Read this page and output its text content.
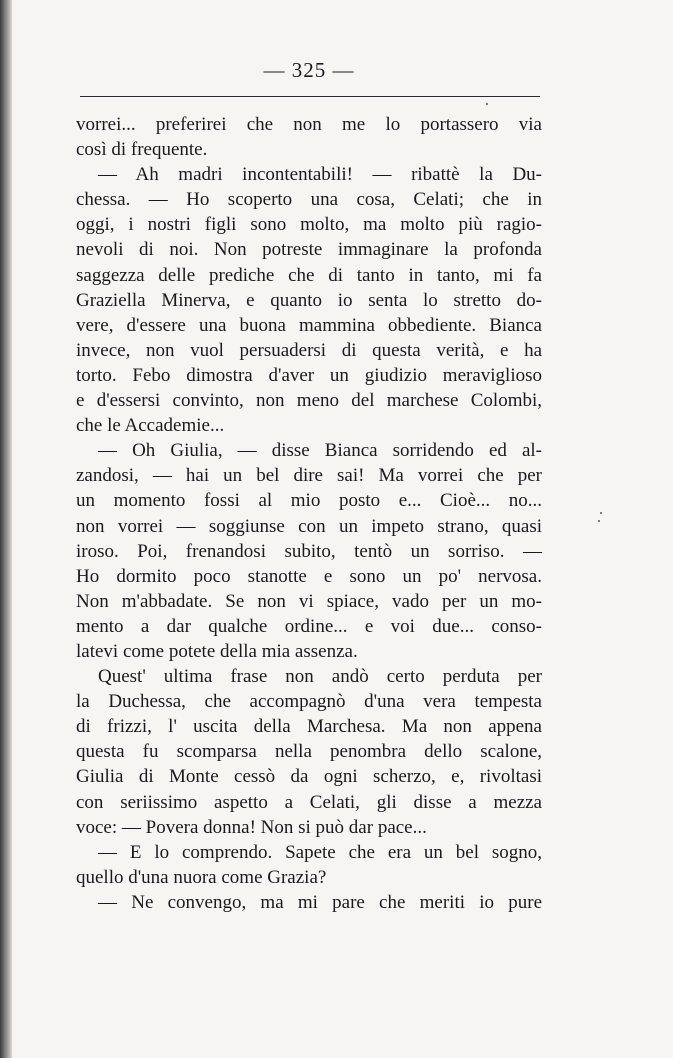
— 325 —
vorrei... preferirei che non me lo portassero via
così di frequente.
— Ah madri incontentabili! — ribattè la Du-
chessa. — Ho scoperto una cosa, Celati; che in
oggi, i nostri figli sono molto, ma molto più ragio-
nevoli di noi. Non potreste immaginare la profonda
saggezza delle prediche che di tanto in tanto, mi fa
Graziella Minerva, e quanto io senta lo stretto do-
vere, d'essere una buona mammina obbediente. Bianca
invece, non vuol persuadersi di questa verità, e ha
torto. Febo dimostra d'aver un giudizio meraviglioso
e d'essersi convinto, non meno del marchese Colombi,
che le Accademie...
— Oh Giulia, — disse Bianca sorridendo ed al-
zandosi, — hai un bel dire sai! Ma vorrei che per
un momento fossi al mio posto e... Cioè... no...
non vorrei — soggiunse con un impeto strano, quasi
iroso. Poi, frenandosi subito, tentò un sorriso. —
Ho dormito poco stanotte e sono un po' nervosa.
Non m'abbadate. Se non vi spiace, vado per un mo-
mento a dar qualche ordine... e voi due... conso-
latevi come potete della mia assenza.
Quest' ultima frase non andò certo perduta per
la Duchessa, che accompagnò d'una vera tempesta
di frizzi, l' uscita della Marchesa. Ma non appena
questa fu scomparsa nella penombra dello scalone,
Giulia di Monte cessò da ogni scherzo, e, rivoltasi
con seriissimo aspetto a Celati, gli disse a mezza
voce: — Povera donna! Non si può dar pace...
— E lo comprendo. Sapete che era un bel sogno,
quello d'una nuora come Grazia?
— Ne convengo, ma mi pare che meriti io pure
